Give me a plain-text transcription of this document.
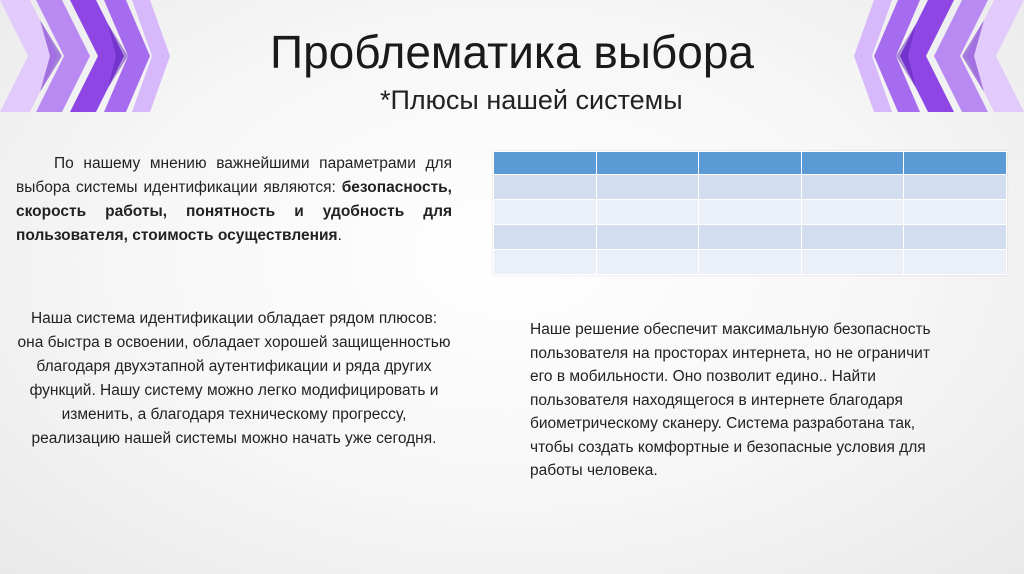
Проблематика выбора
*Плюсы нашей системы
По нашему мнению важнейшими параметрами для выбора системы идентификации являются: безопасность, скорость работы, понятность и удобность для пользователя, стоимость осуществления.

Наша система идентификации обладает рядом плюсов: она быстра в освоении, обладает хорошей защищенностью благодаря двухэтапной аутентификации и ряда других функций. Нашу систему можно легко модифицировать и изменить, а благодаря техническому прогрессу, реализацию нашей системы можно начать уже сегодня.
Наше решение обеспечит максимальную безопасность пользователя на просторах интернета, но не ограничит его в мобильности. Оно позволит едино.. Найти пользователя находящегося в интернете благодаря биометрическому сканеру. Система разработана так, чтобы создать комфортные и безопасные условия для работы человека.
